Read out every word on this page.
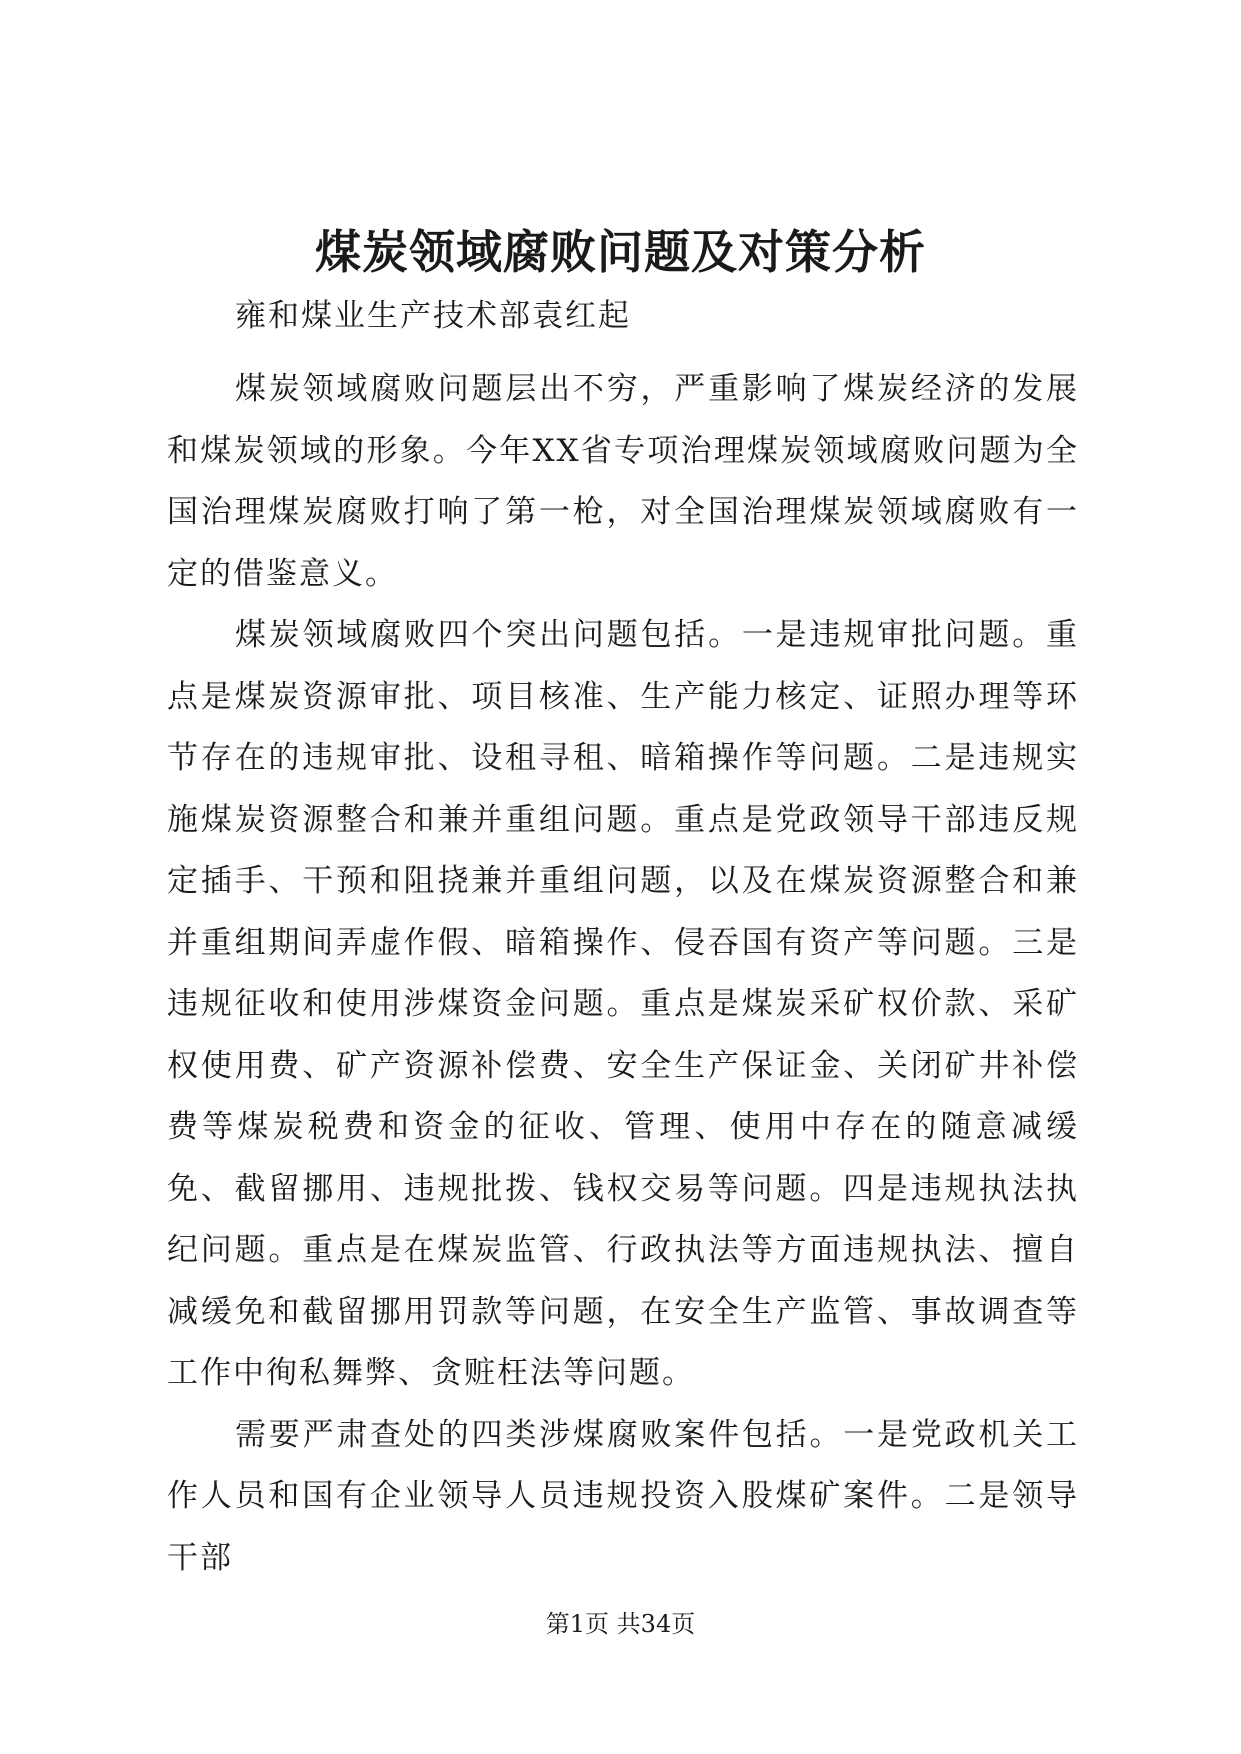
煤炭领域腐败问题及对策分析
雍和煤业生产技术部袁红起

煤炭领域腐败问题层出不穷，严重影响了煤炭经济的发展和煤炭领域的形象。今年XX省专项治理煤炭领域腐败问题为全国治理煤炭腐败打响了第一枪，对全国治理煤炭领域腐败有一定的借鉴意义。

煤炭领域腐败四个突出问题包括。一是违规审批问题。重点是煤炭资源审批、项目核准、生产能力核定、证照办理等环节存在的违规审批、设租寻租、暗箱操作等问题。二是违规实施煤炭资源整合和兼并重组问题。重点是党政领导干部违反规定插手、干预和阻挠兼并重组问题，以及在煤炭资源整合和兼并重组期间弄虚作假、暗箱操作、侵吞国有资产等问题。三是违规征收和使用涉煤资金问题。重点是煤炭采矿权价款、采矿权使用费、矿产资源补偿费、安全生产保证金、关闭矿井补偿费等煤炭税费和资金的征收、管理、使用中存在的随意减缓免、截留挪用、违规批拨、钱权交易等问题。四是违规执法执纪问题。重点是在煤炭监管、行政执法等方面违规执法、擅自减缓免和截留挪用罚款等问题，在安全生产监管、事故调查等工作中徇私舞弊、贪赃枉法等问题。

需要严肃查处的四类涉煤腐败案件包括。一是党政机关工作人员和国有企业领导人员违规投资入股煤矿案件。二是领导干部

第1页 共34页
